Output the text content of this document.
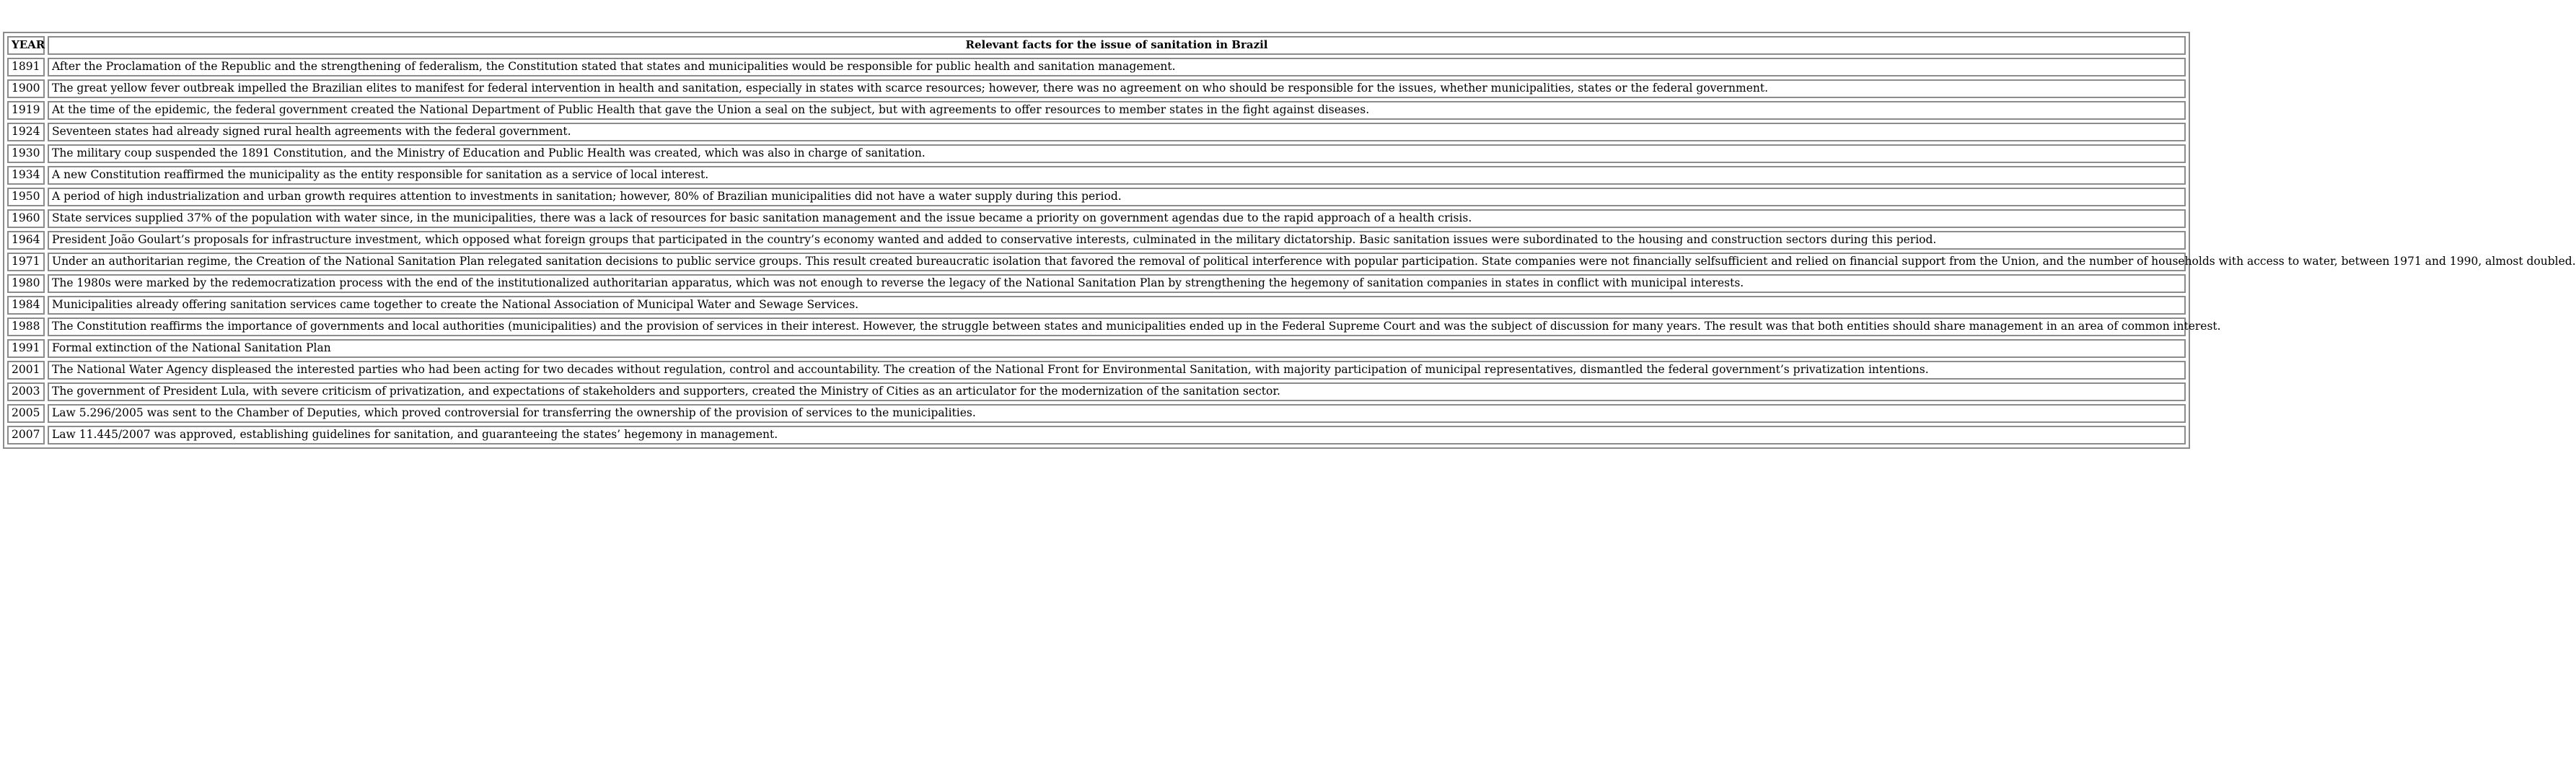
YEAR	Relevant facts for the issue of sanitation in Brazil
1891	After the Proclamation of the Republic and the strengthening of federalism, the Constitution stated that states and municipalities would be responsible for public health and sanitation management.
1900	The great yellow fever outbreak impelled the Brazilian elites to manifest for federal intervention in health and sanitation, especially in states with scarce resources; however, there was no agreement on who should be responsible for the issues, whether municipalities, states or the federal government.
1919	At the time of the epidemic, the federal government created the National Department of Public Health that gave the Union a seal on the subject, but with agreements to offer resources to member states in the fight against diseases.
1924	Seventeen states had already signed rural health agreements with the federal government.
1930	The military coup suspended the 1891 Constitution, and the Ministry of Education and Public Health was created, which was also in charge of sanitation.
1934	A new Constitution reaffirmed the municipality as the entity responsible for sanitation as a service of local interest.
1950	A period of high industrialization and urban growth requires attention to investments in sanitation; however, 80% of Brazilian municipalities did not have a water supply during this period.
1960	State services supplied 37% of the population with water since, in the municipalities, there was a lack of resources for basic sanitation management and the issue became a priority on government agendas due to the rapid approach of a health crisis.
1964	President João Goulart’s proposals for infrastructure investment, which opposed what foreign groups that participated in the country’s economy wanted and added to conservative interests, culminated in the military dictatorship. Basic sanitation issues were subordinated to the housing and construction sectors during this period.
1971	Under an authoritarian regime, the Creation of the National Sanitation Plan relegated sanitation decisions to public service groups. This result created bureaucratic isolation that favored the removal of political interference with popular participation. State companies were not financially selfsufficient and relied on financial support from the Union, and the number of households with access to water, between 1971 and 1990, almost doubled.
1980	The 1980s were marked by the redemocratization process with the end of the institutionalized authoritarian apparatus, which was not enough to reverse the legacy of the National Sanitation Plan by strengthening the hegemony of sanitation companies in states in conflict with municipal interests.
1984	Municipalities already offering sanitation services came together to create the National Association of Municipal Water and Sewage Services.
1988	The Constitution reaffirms the importance of governments and local authorities (municipalities) and the provision of services in their interest. However, the struggle between states and municipalities ended up in the Federal Supreme Court and was the subject of discussion for many years. The result was that both entities should share management in an area of common interest.
1991	Formal extinction of the National Sanitation Plan
2001	The National Water Agency displeased the interested parties who had been acting for two decades without regulation, control and accountability. The creation of the National Front for Environmental Sanitation, with majority participation of municipal representatives, dismantled the federal government’s privatization intentions.
2003	The government of President Lula, with severe criticism of privatization, and expectations of stakeholders and supporters, created the Ministry of Cities as an articulator for the modernization of the sanitation sector.
2005	Law 5.296/2005 was sent to the Chamber of Deputies, which proved controversial for transferring the ownership of the provision of services to the municipalities.
2007	Law 11.445/2007 was approved, establishing guidelines for sanitation, and guaranteeing the states’ hegemony in management.
